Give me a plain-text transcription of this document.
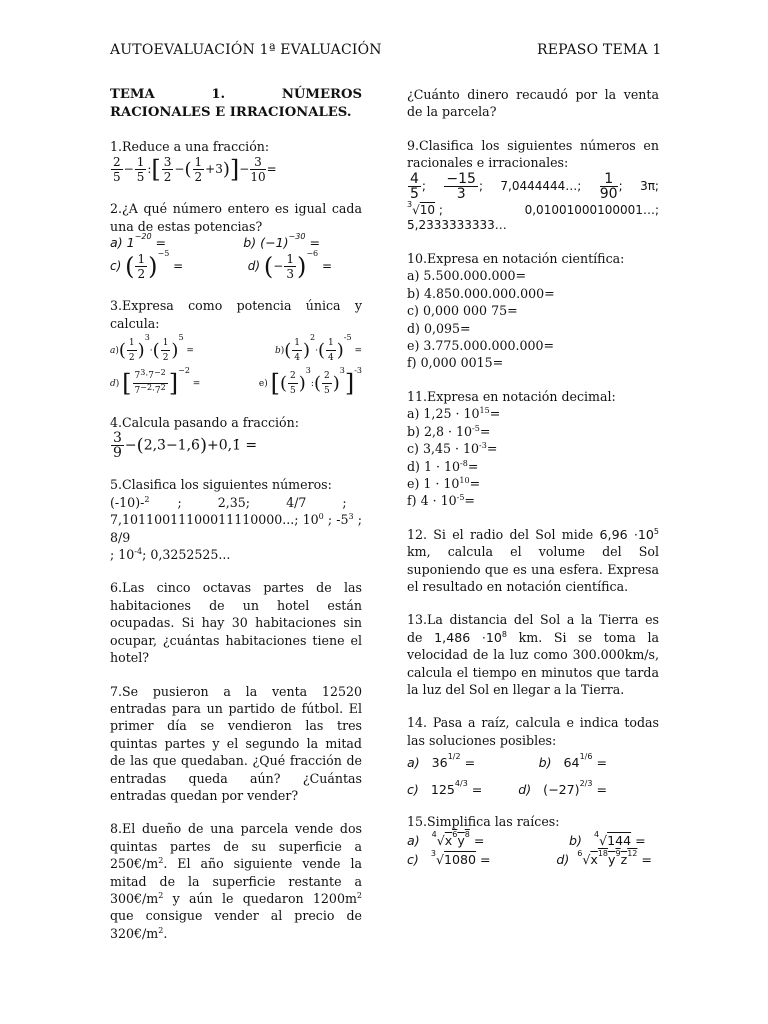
AUTOEVALUACIÓN 1ª EVALUACIÓN	REPASO TEMA 1
TEMA 1. NÚMEROS RACIONALES E IRRACIONALES.

1.Reduce a una fracción:

$\frac{2}{5} - \frac{1}{5}$ :[ $\frac{3}{2}$ −( $\frac{1}{2} +3)]- \frac{3}{10}$ =

2.¿A qué número entero es igual cada una de estas potencias?

a) $1^{-20}$ =	b) $(-1)^{-30}$ =
c) ( $\frac{1}{2} )^{-5}$ =	d) (− $\frac{1}{3} )^{-6}$ =

3.Expresa como potencia única y calcula:

$a)( \frac{1}{2} )^3\cdot( \frac{1}{2} )^5$ =	$b)( \frac{1}{4} )^2\cdot( \frac{1}{4} )^{-5}$ =
d) [ $\frac{7^3\cdot 7^{-2}}{7^{-2}\cdot 7^2} ]^{-2}$ =	e) [( $\frac{2}{5}$ )$^3$:( $\frac{2}{5} )^3]^{-3}$

4.Calcula pasando a fracción:

$\frac{3}{9}$ −(2,3̇−1,6̇)+0,1̇ =

5.Clasifica los siguientes números:

(-10)-$^2$       ;         2,35;         4/7         ;

7,10110011100011110000...; $10^0$ ; $-5^3$ ; 8/9

; $10^{-4}$; 0,3252525...

6.Las cinco octavas partes de las habitaciones de un hotel están ocupadas. Si hay 30 habitaciones sin ocupar, ¿cuántas habitaciones tiene el hotel?

7.Se pusieron a la venta 12520 entradas para un partido de fútbol. El primer día se vendieron las tres quintas partes y el segundo la mitad de las que quedaban. ¿Qué fracción de entradas queda aún? ¿Cuántas entradas quedan por vender?

8.El dueño de una parcela vende dos quintas partes de su superficie a $250€/m^2$. El año siguiente vende la mitad de la superficie restante a $300€/m^2$ y aún le quedaron $1200m^2$ que consigue vender al precio de $320€/m^2$.

¿Cuánto dinero recaudó por la venta de la parcela?

9.Clasifica los siguientes números en racionales e irracionales:

$\frac{4}{5}$ ; $\frac{-15}{3}$ ; 7,0444444…; $\frac{1}{90}$ ; 3π;
$^3$√10 ;	0,01001000100001…;

5,2333333333…

10.Expresa en notación científica:

a) 5.500.000.000=

b) 4.850.000.000.000=

c) 0,000 000 75=

d) 0,095=

e) 3.775.000.000.000=

f) 0,000 0015=

11.Expresa en notación decimal:

a) $1,25 \cdot 10^{15}=$

b) $2,8 \cdot 10^{-5}=$

c) $3,45 \cdot 10^{-3}=$

d) $1 \cdot 10^{-8}=$

e) $1 \cdot 10^{10}=$

f) $4 \cdot 10^{-5}=$

12. Si el radio del Sol mide $6,96 \cdot 10^5$ km, calcula el volume del Sol suponiendo que es una esfera. Expresa el resultado en notación científica.

13.La distancia del Sol a la Tierra es de $1,486 \cdot 10^8$ km. Si se toma la velocidad de la luz como 300.000km/s, calcula el tiempo en minutos que tarda la luz del Sol en llegar a la Tierra.

14. Pasa a raíz, calcula e indica todas las soluciones posibles:

a) $36^{1/2}$ =	b) $64^{1/6}$ =
c) $125^{4/3}$ =	d) $(-27)^{2/3}$ =

15.Simplifica las raíces:

a) $^4√x^6y^8$ =	b) $^4$√144 =
c) $^3$√1080 =	d) $^6√x^{18}y^9z^{12}$ =
